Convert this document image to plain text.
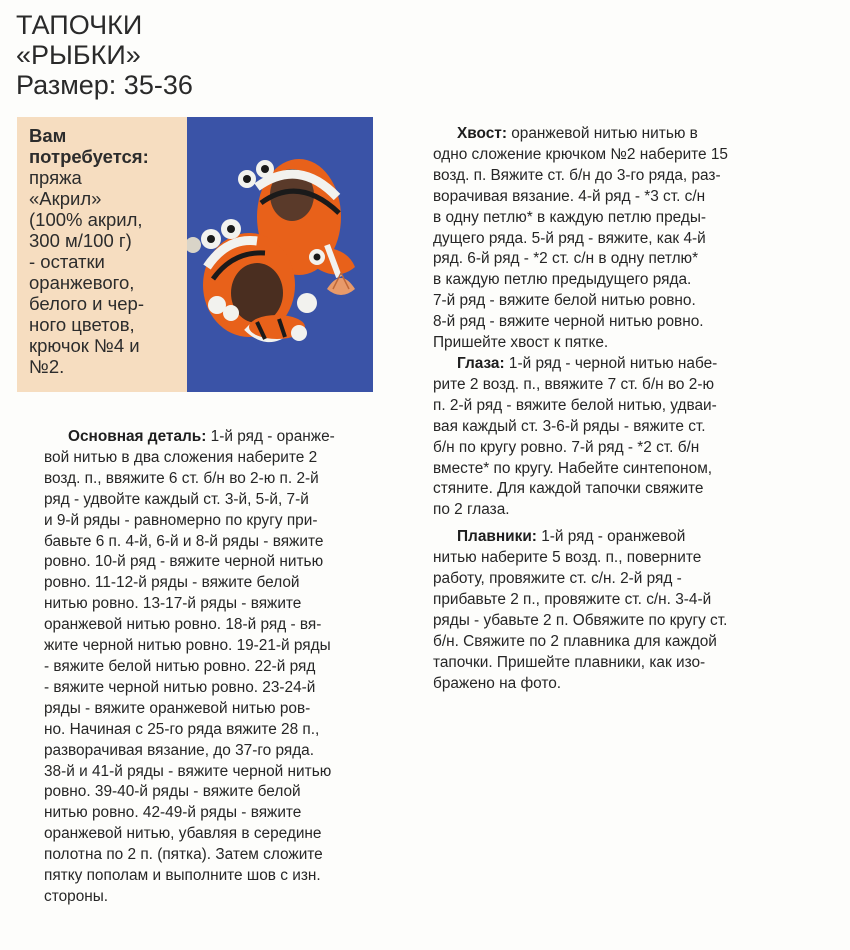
ТАПОЧКИ
«РЫБКИ»
Размер: 35-36
Вам
потребуется:
пряжа
«Акрил»
(100% акрил,
300 м/100 г)
- остатки
оранжевого,
белого и чер-
ного цветов,
крючок №4 и
№2.
Основная деталь: 1-й ряд - оранже-
вой нитью в два сложения наберите 2
возд. п., ввяжите 6 ст. б/н во 2-ю п. 2-й
ряд - удвойте каждый ст. 3-й, 5-й, 7-й
и 9-й ряды - равномерно по кругу при-
бавьте 6 п. 4-й, 6-й и 8-й ряды - вяжите
ровно. 10-й ряд - вяжите черной нитью
ровно. 11-12-й ряды - вяжите белой
нитью ровно. 13-17-й ряды - вяжите
оранжевой нитью ровно. 18-й ряд - вя-
жите черной нитью ровно. 19-21-й ряды
- вяжите белой нитью ровно. 22-й ряд
- вяжите черной нитью ровно. 23-24-й
ряды - вяжите оранжевой нитью ров-
но. Начиная с 25-го ряда вяжите 28 п.,
разворачивая вязание, до 37-го ряда.
38-й и 41-й ряды - вяжите черной нитью
ровно. 39-40-й ряды - вяжите белой
нитью ровно. 42-49-й ряды - вяжите
оранжевой нитью, убавляя в середине
полотна по 2 п. (пятка). Затем сложите
пятку пополам и выполните шов с изн.
стороны.
Хвост: оранжевой нитью нитью в
одно сложение крючком №2 наберите 15
возд. п. Вяжите ст. б/н до 3-го ряда, раз-
ворачивая вязание. 4-й ряд - *3 ст. с/н
в одну петлю* в каждую петлю преды-
дущего ряда. 5-й ряд - вяжите, как 4-й
ряд. 6-й ряд - *2 ст. с/н в одну петлю*
в каждую петлю предыдущего ряда.
7-й ряд - вяжите белой нитью ровно.
8-й ряд - вяжите черной нитью ровно.
Пришейте хвост к пятке.
Глаза: 1-й ряд - черной нитью набе-
рите 2 возд. п., ввяжите 7 ст. б/н во 2-ю
п. 2-й ряд - вяжите белой нитью, удваи-
вая каждый ст. 3-6-й ряды - вяжите ст.
б/н по кругу ровно. 7-й ряд - *2 ст. б/н
вместе* по кругу. Набейте синтепоном,
стяните. Для каждой тапочки свяжите
по 2 глаза.
Плавники: 1-й ряд - оранжевой
нитью наберите 5 возд. п., поверните
работу, провяжите ст. с/н. 2-й ряд -
прибавьте 2 п., провяжите ст. с/н. 3-4-й
ряды - убавьте 2 п. Обвяжите по кругу ст.
б/н. Свяжите по 2 плавника для каждой
тапочки. Пришейте плавники, как изо-
бражено на фото.
